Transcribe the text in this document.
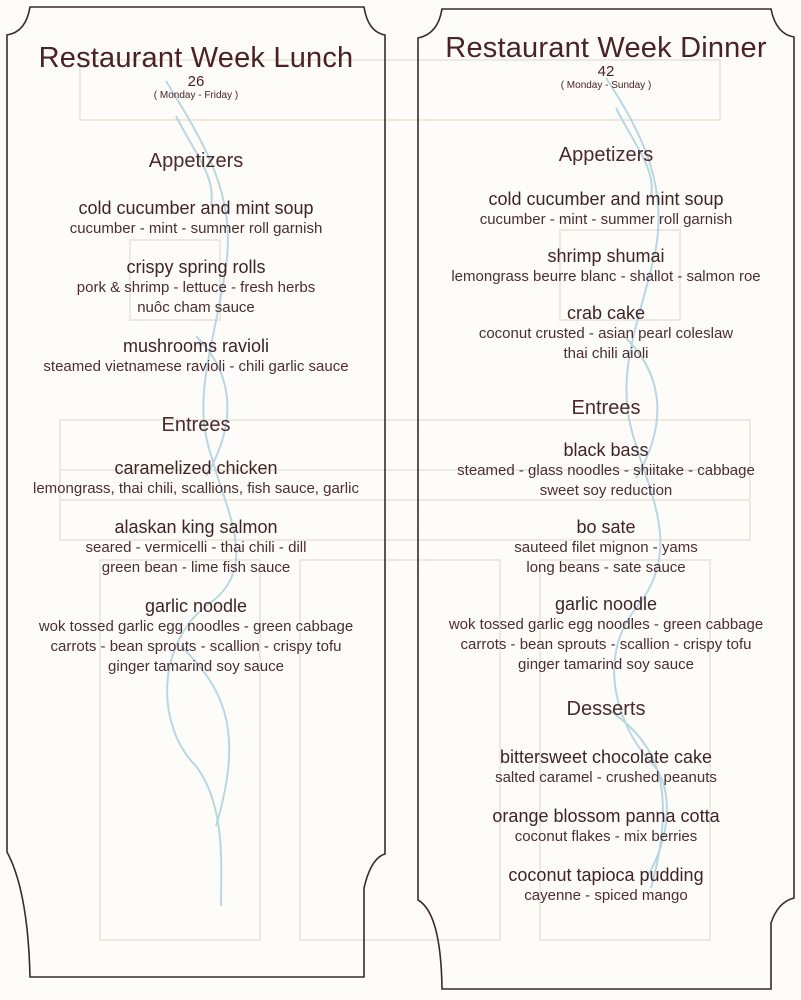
Restaurant Week Lunch
26
( Monday - Friday )
Appetizers
cold cucumber and mint soup
cucumber - mint - summer roll garnish
crispy spring rolls
pork & shrimp - lettuce - fresh herbs
nuôc cham sauce
mushrooms ravioli
steamed vietnamese ravioli - chili garlic sauce
Entrees
caramelized chicken
lemongrass, thai chili, scallions, fish sauce, garlic
alaskan king salmon
seared - vermicelli - thai chili - dill
green bean - lime fish sauce
garlic noodle
wok tossed garlic egg noodles - green cabbage
carrots - bean sprouts - scallion - crispy tofu
ginger tamarind soy sauce
Restaurant Week Dinner
42
( Monday - Sunday )
Appetizers
cold cucumber and mint soup
cucumber - mint - summer roll garnish
shrimp shumai
lemongrass beurre blanc - shallot - salmon roe
crab cake
coconut crusted - asian pearl coleslaw
thai chili aioli
Entrees
black bass
steamed - glass noodles - shiitake - cabbage
sweet soy reduction
bo sate
sauteed filet mignon - yams
long beans - sate sauce
garlic noodle
wok tossed garlic egg noodles - green cabbage
carrots - bean sprouts - scallion - crispy tofu
ginger tamarind soy sauce
Desserts
bittersweet chocolate cake
salted caramel - crushed peanuts
orange blossom panna cotta
coconut flakes - mix berries
coconut tapioca pudding
cayenne - spiced mango
